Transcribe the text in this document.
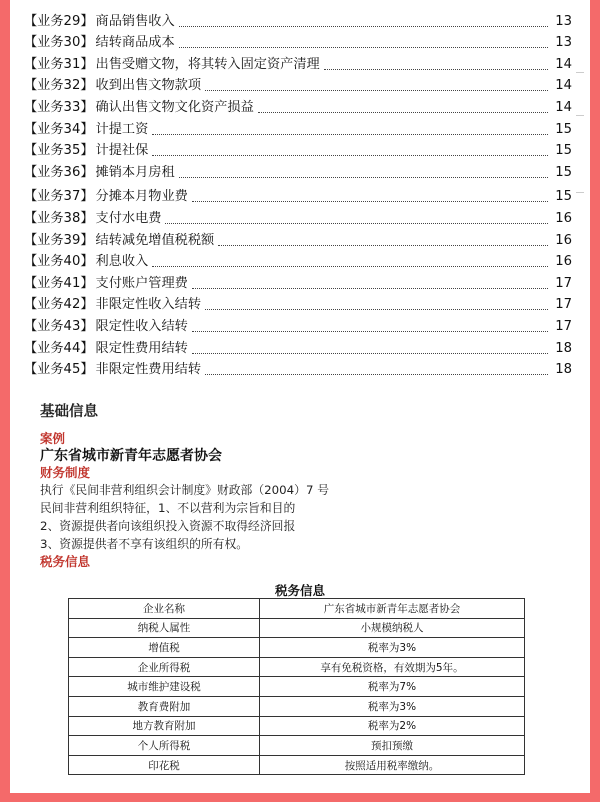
【业务29】 商品销售收入	13
【业务30】 结转商品成本	13
【业务31】 出售受赠文物，将其转入固定资产清理	14
【业务32】 收到出售文物款项	14
【业务33】 确认出售文物文化资产损益	14
【业务34】 计提工资	15
【业务35】 计提社保	15
【业务36】 摊销本月房租	15
【业务37】 分摊本月物业费	15
【业务38】 支付水电费	16
【业务39】 结转减免增值税税额	16
【业务40】 利息收入	16
【业务41】 支付账户管理费	17
【业务42】 非限定性收入结转	17
【业务43】 限定性收入结转	17
【业务44】 限定性费用结转	18
【业务45】 非限定性费用结转	18
基础信息
案例
广东省城市新青年志愿者协会
财务制度
执行《民间非营利组织会计制度》财政部（2004）7 号
民间非营利组织特征，1、不以营利为宗旨和目的
2、资源提供者向该组织投入资源不取得经济回报
3、资源提供者不享有该组织的所有权。
税务信息
税务信息
企业名称	广东省城市新青年志愿者协会
纳税人属性	小规模纳税人
增值税	税率为3%
企业所得税	享有免税资格，有效期为5年。
城市维护建设税	税率为7%
教育费附加	税率为3%
地方教育附加	税率为2%
个人所得税	预扣预缴
印花税	按照适用税率缴纳。
